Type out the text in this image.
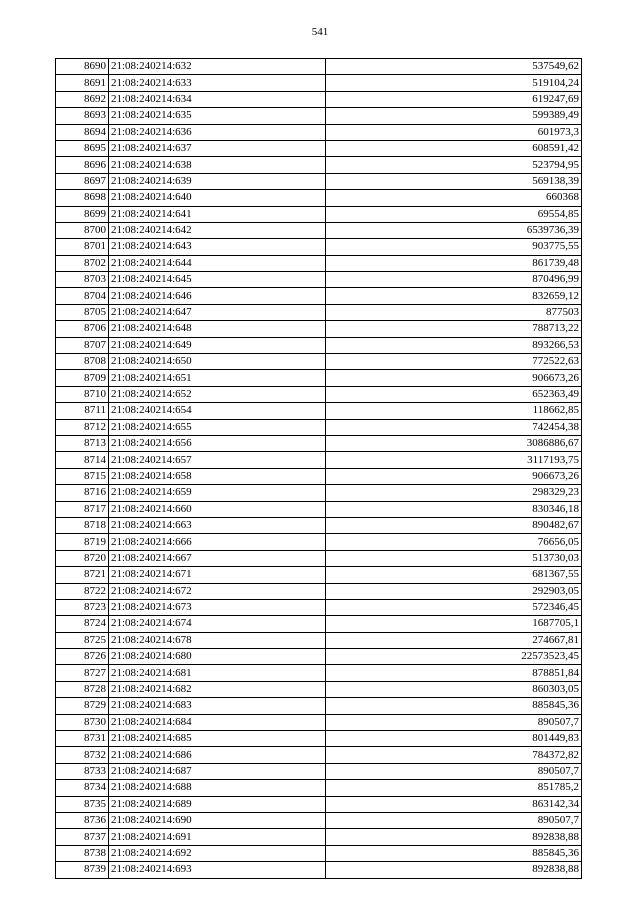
541
8690	21:08:240214:632	537549,62
8691	21:08:240214:633	519104,24
8692	21:08:240214:634	619247,69
8693	21:08:240214:635	599389,49
8694	21:08:240214:636	601973,3
8695	21:08:240214:637	608591,42
8696	21:08:240214:638	523794,95
8697	21:08:240214:639	569138,39
8698	21:08:240214:640	660368
8699	21:08:240214:641	69554,85
8700	21:08:240214:642	6539736,39
8701	21:08:240214:643	903775,55
8702	21:08:240214:644	861739,48
8703	21:08:240214:645	870496,99
8704	21:08:240214:646	832659,12
8705	21:08:240214:647	877503
8706	21:08:240214:648	788713,22
8707	21:08:240214:649	893266,53
8708	21:08:240214:650	772522,63
8709	21:08:240214:651	906673,26
8710	21:08:240214:652	652363,49
8711	21:08:240214:654	118662,85
8712	21:08:240214:655	742454,38
8713	21:08:240214:656	3086886,67
8714	21:08:240214:657	3117193,75
8715	21:08:240214:658	906673,26
8716	21:08:240214:659	298329,23
8717	21:08:240214:660	830346,18
8718	21:08:240214:663	890482,67
8719	21:08:240214:666	76656,05
8720	21:08:240214:667	513730,03
8721	21:08:240214:671	681367,55
8722	21:08:240214:672	292903,05
8723	21:08:240214:673	572346,45
8724	21:08:240214:674	1687705,1
8725	21:08:240214:678	274667,81
8726	21:08:240214:680	22573523,45
8727	21:08:240214:681	878851,84
8728	21:08:240214:682	860303,05
8729	21:08:240214:683	885845,36
8730	21:08:240214:684	890507,7
8731	21:08:240214:685	801449,83
8732	21:08:240214:686	784372,82
8733	21:08:240214:687	890507,7
8734	21:08:240214:688	851785,2
8735	21:08:240214:689	863142,34
8736	21:08:240214:690	890507,7
8737	21:08:240214:691	892838,88
8738	21:08:240214:692	885845,36
8739	21:08:240214:693	892838,88
